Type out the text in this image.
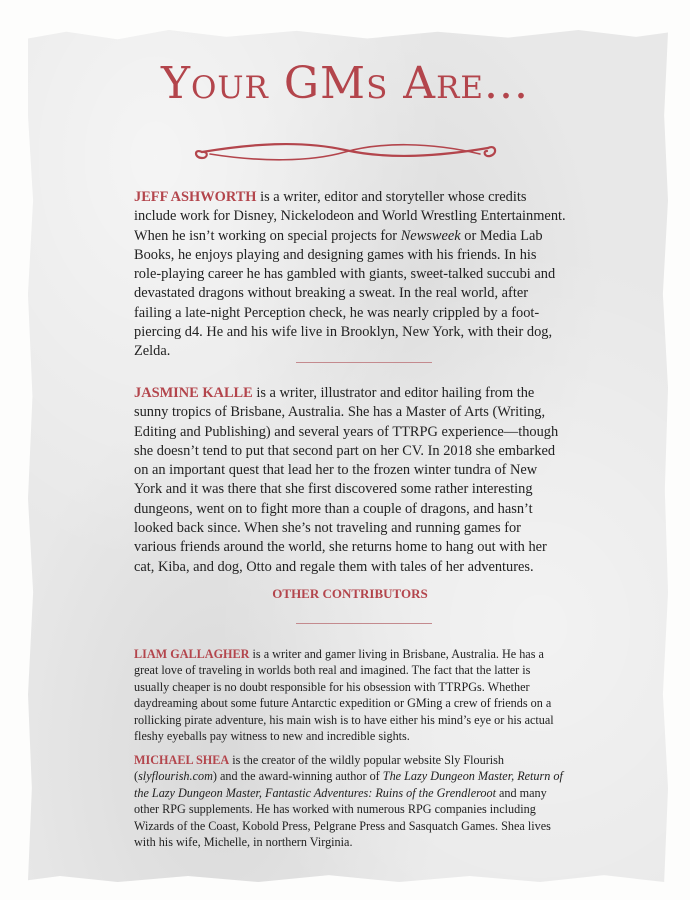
Your GMs Are...
JEFF ASHWORTH is a writer, editor and storyteller whose credits include work for Disney, Nickelodeon and World Wrestling Entertainment. When he isn’t working on special projects for Newsweek or Media Lab Books, he enjoys playing and designing games with his friends. In his role-playing career he has gambled with giants, sweet-talked succubi and devastated dragons without breaking a sweat. In the real world, after failing a late-night Perception check, he was nearly crippled by a foot-piercing d4. He and his wife live in Brooklyn, New York, with their dog, Zelda.
JASMINE KALLE is a writer, illustrator and editor hailing from the sunny tropics of Brisbane, Australia. She has a Master of Arts (Writing, Editing and Publishing) and several years of TTRPG experience—though she doesn’t tend to put that second part on her CV. In 2018 she embarked on an important quest that lead her to the frozen winter tundra of New York and it was there that she first discovered some rather interesting dungeons, went on to fight more than a couple of dragons, and hasn’t looked back since. When she’s not traveling and running games for various friends around the world, she returns home to hang out with her cat, Kiba, and dog, Otto and regale them with tales of her adventures.
OTHER CONTRIBUTORS
LIAM GALLAGHER is a writer and gamer living in Brisbane, Australia. He has a great love of traveling in worlds both real and imagined. The fact that the latter is usually cheaper is no doubt responsible for his obsession with TTRPGs. Whether daydreaming about some future Antarctic expedition or GMing a crew of friends on a rollicking pirate adventure, his main wish is to have either his mind’s eye or his actual fleshy eyeballs pay witness to new and incredible sights.
MICHAEL SHEA is the creator of the wildly popular website Sly Flourish (slyflourish.com) and the award-winning author of The Lazy Dungeon Master, Return of the Lazy Dungeon Master, Fantastic Adventures: Ruins of the Grendleroot and many other RPG supplements. He has worked with numerous RPG companies including Wizards of the Coast, Kobold Press, Pelgrane Press and Sasquatch Games. Shea lives with his wife, Michelle, in northern Virginia.
